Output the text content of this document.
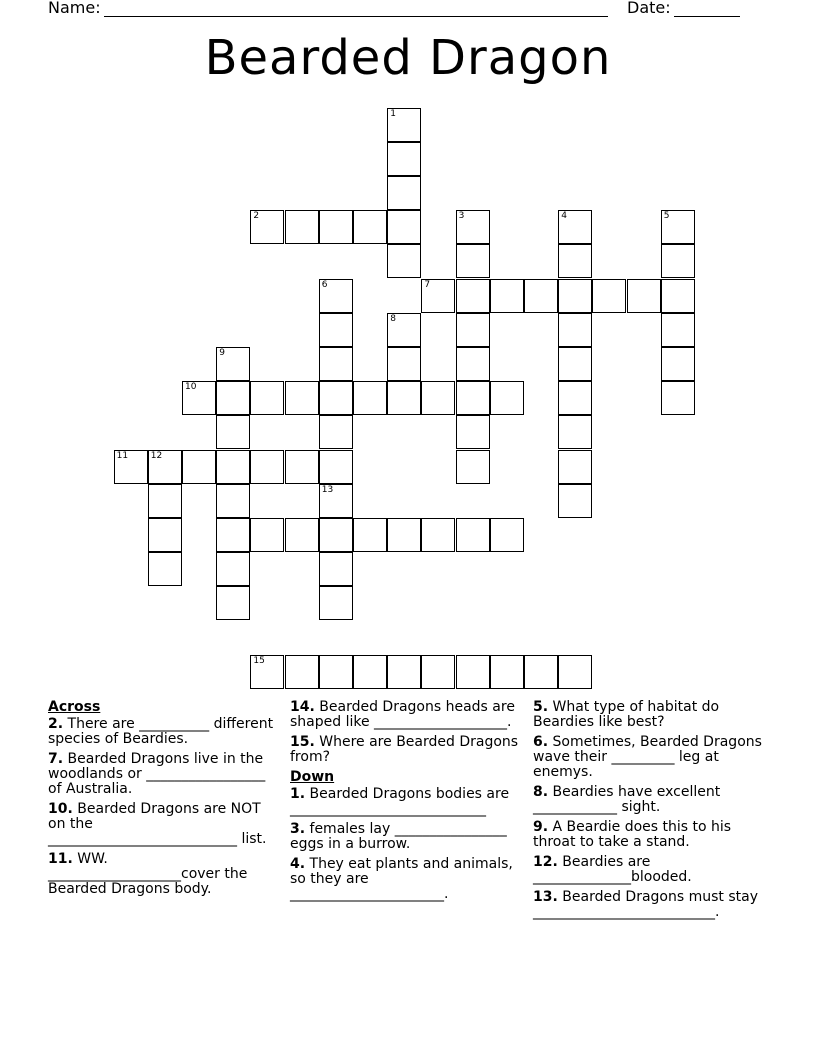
Name:	Date:
Bearded Dragon
1
2	3	4	5
6	7
8
9
10
11	12
13
15
Across
2. There are __________ different species of Beardies.
7. Bearded Dragons live in the woodlands or _________________ of Australia.
10. Bearded Dragons are NOT on the ___________________________ list.
11. WW. ___________________cover the Bearded Dragons body.
14. Bearded Dragons heads are shaped like ___________________.
15. Where are Bearded Dragons from?
Down
1. Bearded Dragons bodies are ____________________________
3. females lay ________________ eggs in a burrow.
4. They eat plants and animals, so they are ______________________.
5. What type of habitat do Beardies like best?
6. Sometimes, Bearded Dragons wave their _________ leg at enemys.
8. Beardies have excellent ____________ sight.
9. A Beardie does this to his throat to take a stand.
12. Beardies are ______________blooded.
13. Bearded Dragons must stay __________________________.
